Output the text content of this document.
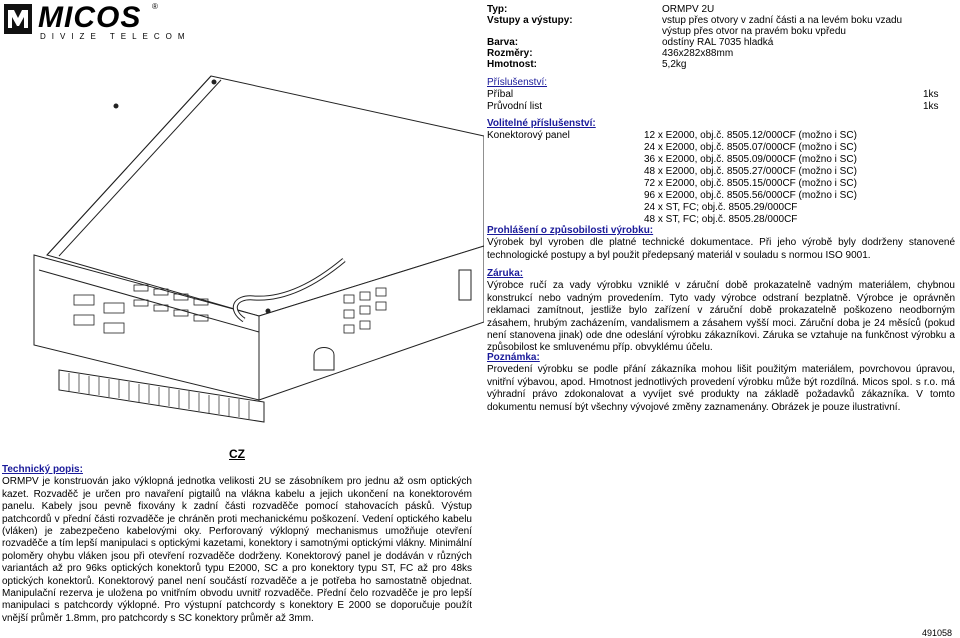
MICOS ®
DIVIZE TELECOM
Typ:	ORMPV 2U
Vstupy a výstupy:	vstup přes otvory v zadní části a na levém boku vzadu
výstup přes otvor na pravém boku vpředu
Barva:	odstíny RAL 7035 hladká
Rozměry:	436x282x88mm
Hmotnost:	5,2kg
Příslušenství:
Příbal	1ks
Průvodní list	1ks
Volitelné příslušenství:
Konektorový panel	12 x E2000, obj.č. 8505.12/000CF (možno i SC)
24 x E2000, obj.č. 8505.07/000CF (možno i SC)
36 x E2000, obj.č. 8505.09/000CF (možno i SC)
48 x E2000, obj.č. 8505.27/000CF (možno i SC)
72 x E2000, obj.č. 8505.15/000CF (možno i SC)
96 x E2000, obj.č. 8505.56/000CF (možno i SC)
24 x ST, FC; obj.č. 8505.29/000CF
48 x ST, FC; obj.č. 8505.28/000CF
Prohlášení o způsobilosti výrobku:
Výrobek byl vyroben dle platné technické dokumentace. Při jeho výrobě byly dodrženy stanovené technologické postupy a byl použit předepsaný materiál v souladu s normou ISO 9001.
Záruka:
Výrobce ručí za vady výrobku vzniklé v záruční době prokazatelně vadným materiálem, chybnou konstrukcí nebo vadným provedením. Tyto vady výrobce odstraní bezplatně. Výrobce je oprávněn reklamaci zamítnout, jestliže bylo zařízení v záruční době prokazatelně poškozeno neodborným zásahem, hrubým zacházením, vandalismem a zásahem vyšší moci. Záruční doba je 24 měsíců (pokud není stanovena jinak) ode dne odeslání výrobku zákazníkovi. Záruka se vztahuje na funkčnost výrobku a způsobilost ke smluvenému příp. obvyklému účelu.
Poznámka:
Provedení výrobku se podle přání zákazníka mohou lišit použitým materiálem, povrchovou úpravou, vnitřní výbavou, apod. Hmotnost jednotlivých provedení výrobku může být rozdílná. Micos spol. s r.o. má výhradní právo zdokonalovat a vyvíjet své produkty na základě požadavků zákazníka. V tomto dokumentu nemusí být všechny vývojové změny zaznamenány. Obrázek je pouze ilustrativní.
CZ
Technický popis:
ORMPV je konstruován jako výklopná jednotka velikosti 2U se zásobníkem pro jednu až osm optických kazet. Rozvaděč je určen pro navaření pigtailů na vlákna kabelu a jejich ukončení na konektorovém panelu. Kabely jsou pevně fixovány k zadní části rozvaděče pomocí stahovacích pásků. Výstup patchcordů v přední části rozvaděče je chráněn proti mechanickému poškození. Vedení optického kabelu (vláken) je zabezpečeno kabelovými oky. Perforovaný výklopný mechanismus umožňuje otevření rozvaděče a tím lepší manipulaci s optickými kazetami, konektory i samotnými optickými vlákny. Minimální poloměry ohybu vláken jsou při otevření rozvaděče dodrženy. Konektorový panel je dodáván v různých variantách až pro 96ks optických konektorů typu E2000, SC a pro konektory typu ST, FC až pro 48ks optických konektorů. Konektorový panel není součástí rozvaděče a je potřeba ho samostatně objednat. Manipulační rezerva je uložena po vnitřním obvodu uvnitř rozvaděče. Přední čelo rozvaděče je pro lepší manipulaci s patchcordy výklopné. Pro výstupní patchcordy s konektory E 2000 se doporučuje použít vnější průměr 1.8mm, pro patchcordy s SC konektory průměr až 3mm.
491058
